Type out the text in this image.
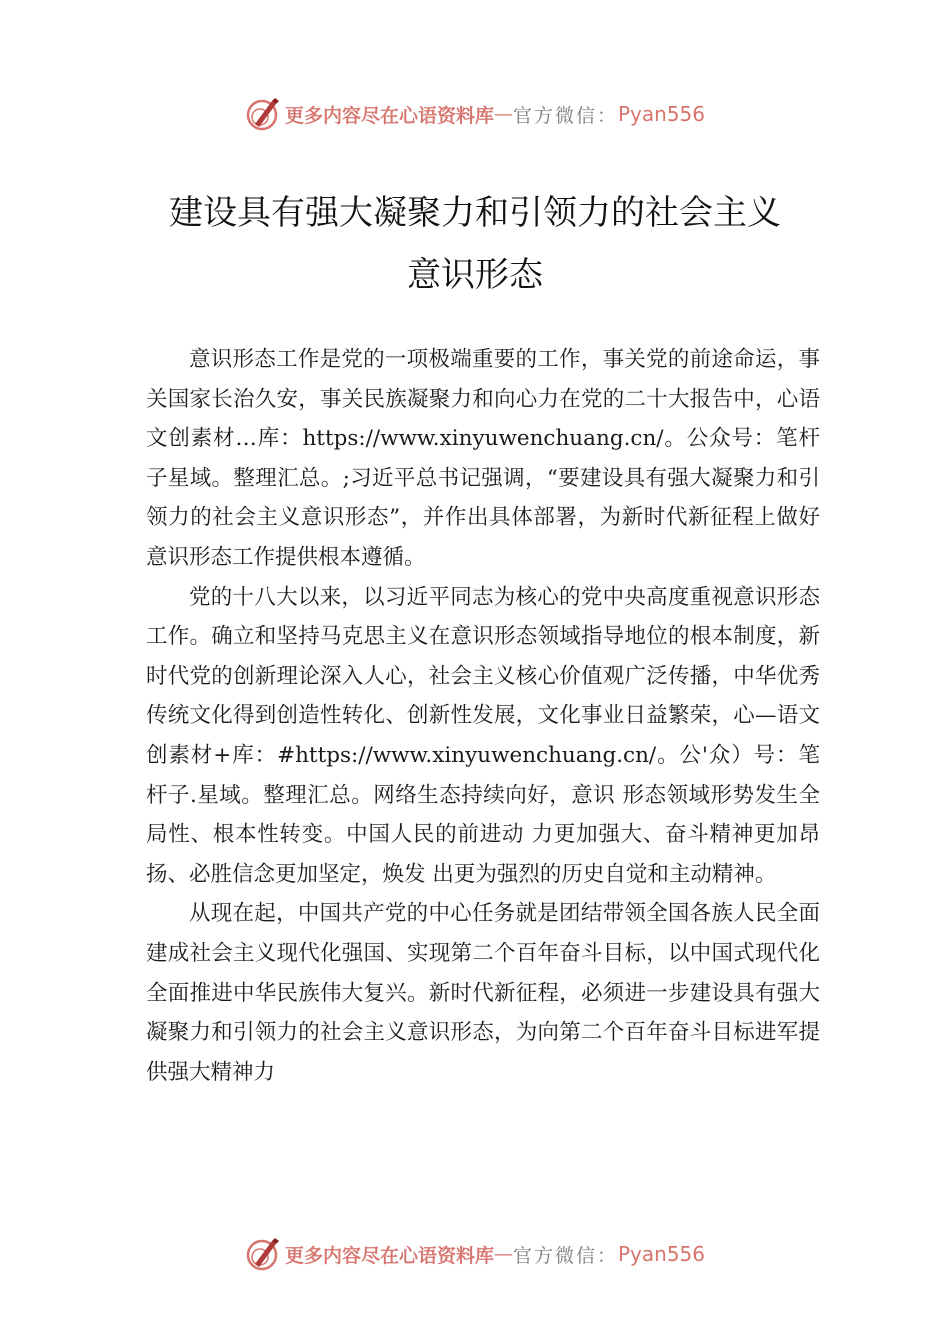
更多内容尽在心语资料库 — 官方微信： Pyan556
建设具有强大凝聚力和引领力的社会主义
意识形态

意识形态工作是党的一项极端重要的工作，事关党的前途命运，事关国家长治久安，事关民族凝聚力和向心力在党的二十大报告中，心语文创素材…库：https://www.xinyuwenchuang.cn/。公众号：笔杆子星域。整理汇总。;习近平总书记强调，“要建设具有强大凝聚力和引领力的社会主义意识形态”，并作出具体部署，为新时代新征程上做好意识形态工作提供根本遵循。

党的十八大以来，以习近平同志为核心的党中央高度重视意识形态工作。确立和坚持马克思主义在意识形态领域指导地位的根本制度，新时代党的创新理论深入人心，社会主义核心价值观广泛传播，中华优秀传统文化得到创造性转化、创新性发展，文化事业日益繁荣，心—语文创素材+库：#https://www.xinyuwenchuang.cn/。公'众）号：笔杆子.星域。整理汇总。网络生态持续向好，意识 形态领域形势发生全局性、根本性转变。中国人民的前进动 力更加强大、奋斗精神更加昂扬、必胜信念更加坚定，焕发 出更为强烈的历史自觉和主动精神。

从现在起，中国共产党的中心任务就是团结带领全国各族人民全面建成社会主义现代化强国、实现第二个百年奋斗目标，以中国式现代化全面推进中华民族伟大复兴。新时代新征程，必须进一步建设具有强大凝聚力和引领力的社会主义意识形态，为向第二个百年奋斗目标进军提供强大精神力

更多内容尽在心语资料库 — 官方微信： Pyan556
